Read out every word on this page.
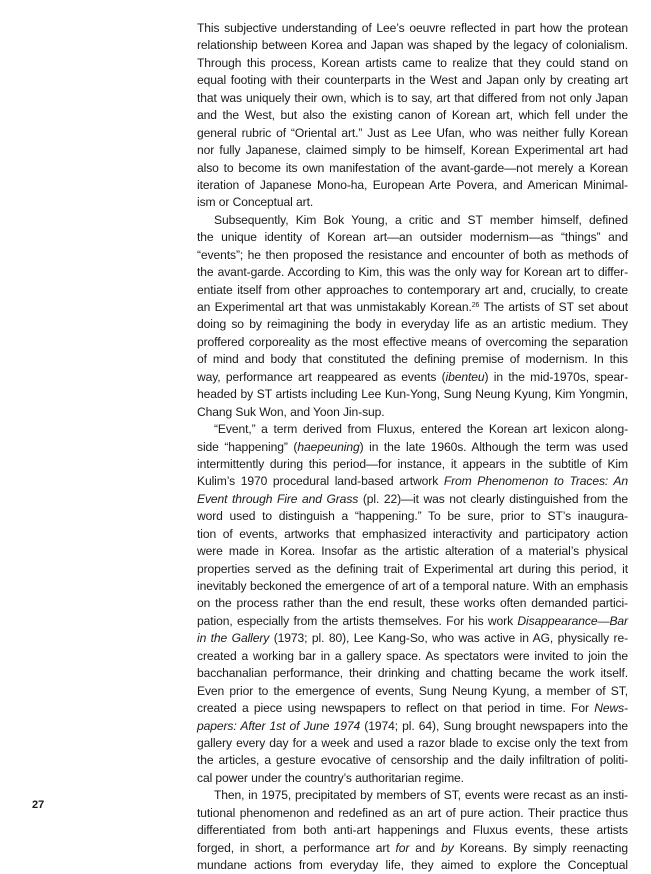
This subjective understanding of Lee’s oeuvre reflected in part how the protean
relationship between Korea and Japan was shaped by the legacy of colonialism.
Through this process, Korean artists came to realize that they could stand on
equal footing with their counterparts in the West and Japan only by creating art
that was uniquely their own, which is to say, art that differed from not only Japan
and the West, but also the existing canon of Korean art, which fell under the
general rubric of “Oriental art.” Just as Lee Ufan, who was neither fully Korean
nor fully Japanese, claimed simply to be himself, Korean Experimental art had
also to become its own manifestation of the avant-garde—not merely a Korean
iteration of Japanese Mono-ha, European Arte Povera, and American Minimal-
ism or Conceptual art.
Subsequently, Kim Bok Young, a critic and ST member himself, defined
the unique identity of Korean art—an outsider modernism—as “things” and
“events”; he then proposed the resistance and encounter of both as methods of
the avant-garde. According to Kim, this was the only way for Korean art to differ-
entiate itself from other approaches to contemporary art and, crucially, to create
an Experimental art that was unmistakably Korean.$^{26}$ The artists of ST set about
doing so by reimagining the body in everyday life as an artistic medium. They
proffered corporeality as the most effective means of overcoming the separation
of mind and body that constituted the defining premise of modernism. In this
way, performance art reappeared as events (ibenteu) in the mid-1970s, spear-
headed by ST artists including Lee Kun-Yong, Sung Neung Kyung, Kim Yongmin,
Chang Suk Won, and Yoon Jin-sup.
“Event,” a term derived from Fluxus, entered the Korean art lexicon along-
side “happening” (haepeuning) in the late 1960s. Although the term was used
intermittently during this period—for instance, it appears in the subtitle of Kim
Kulim’s 1970 procedural land-based artwork From Phenomenon to Traces: An
Event through Fire and Grass (pl. 22)—it was not clearly distinguished from the
word used to distinguish a “happening.” To be sure, prior to ST’s inaugura-
tion of events, artworks that emphasized interactivity and participatory action
were made in Korea. Insofar as the artistic alteration of a material’s physical
properties served as the defining trait of Experimental art during this period, it
inevitably beckoned the emergence of art of a temporal nature. With an emphasis
on the process rather than the end result, these works often demanded partici-
pation, especially from the artists themselves. For his work Disappearance—Bar
in the Gallery (1973; pl. 80), Lee Kang-So, who was active in AG, physically re-
created a working bar in a gallery space. As spectators were invited to join the
bacchanalian performance, their drinking and chatting became the work itself.
Even prior to the emergence of events, Sung Neung Kyung, a member of ST,
created a piece using newspapers to reflect on that period in time. For News-
papers: After 1st of June 1974 (1974; pl. 64), Sung brought newspapers into the
gallery every day for a week and used a razor blade to excise only the text from
the articles, a gesture evocative of censorship and the daily infiltration of politi-
cal power under the country’s authoritarian regime.
Then, in 1975, precipitated by members of ST, events were recast as an insti-
tutional phenomenon and redefined as an art of pure action. Their practice thus
differentiated from both anti-art happenings and Fluxus events, these artists
forged, in short, a performance art for and by Koreans. By simply reenacting
mundane actions from everyday life, they aimed to explore the Conceptual
27
